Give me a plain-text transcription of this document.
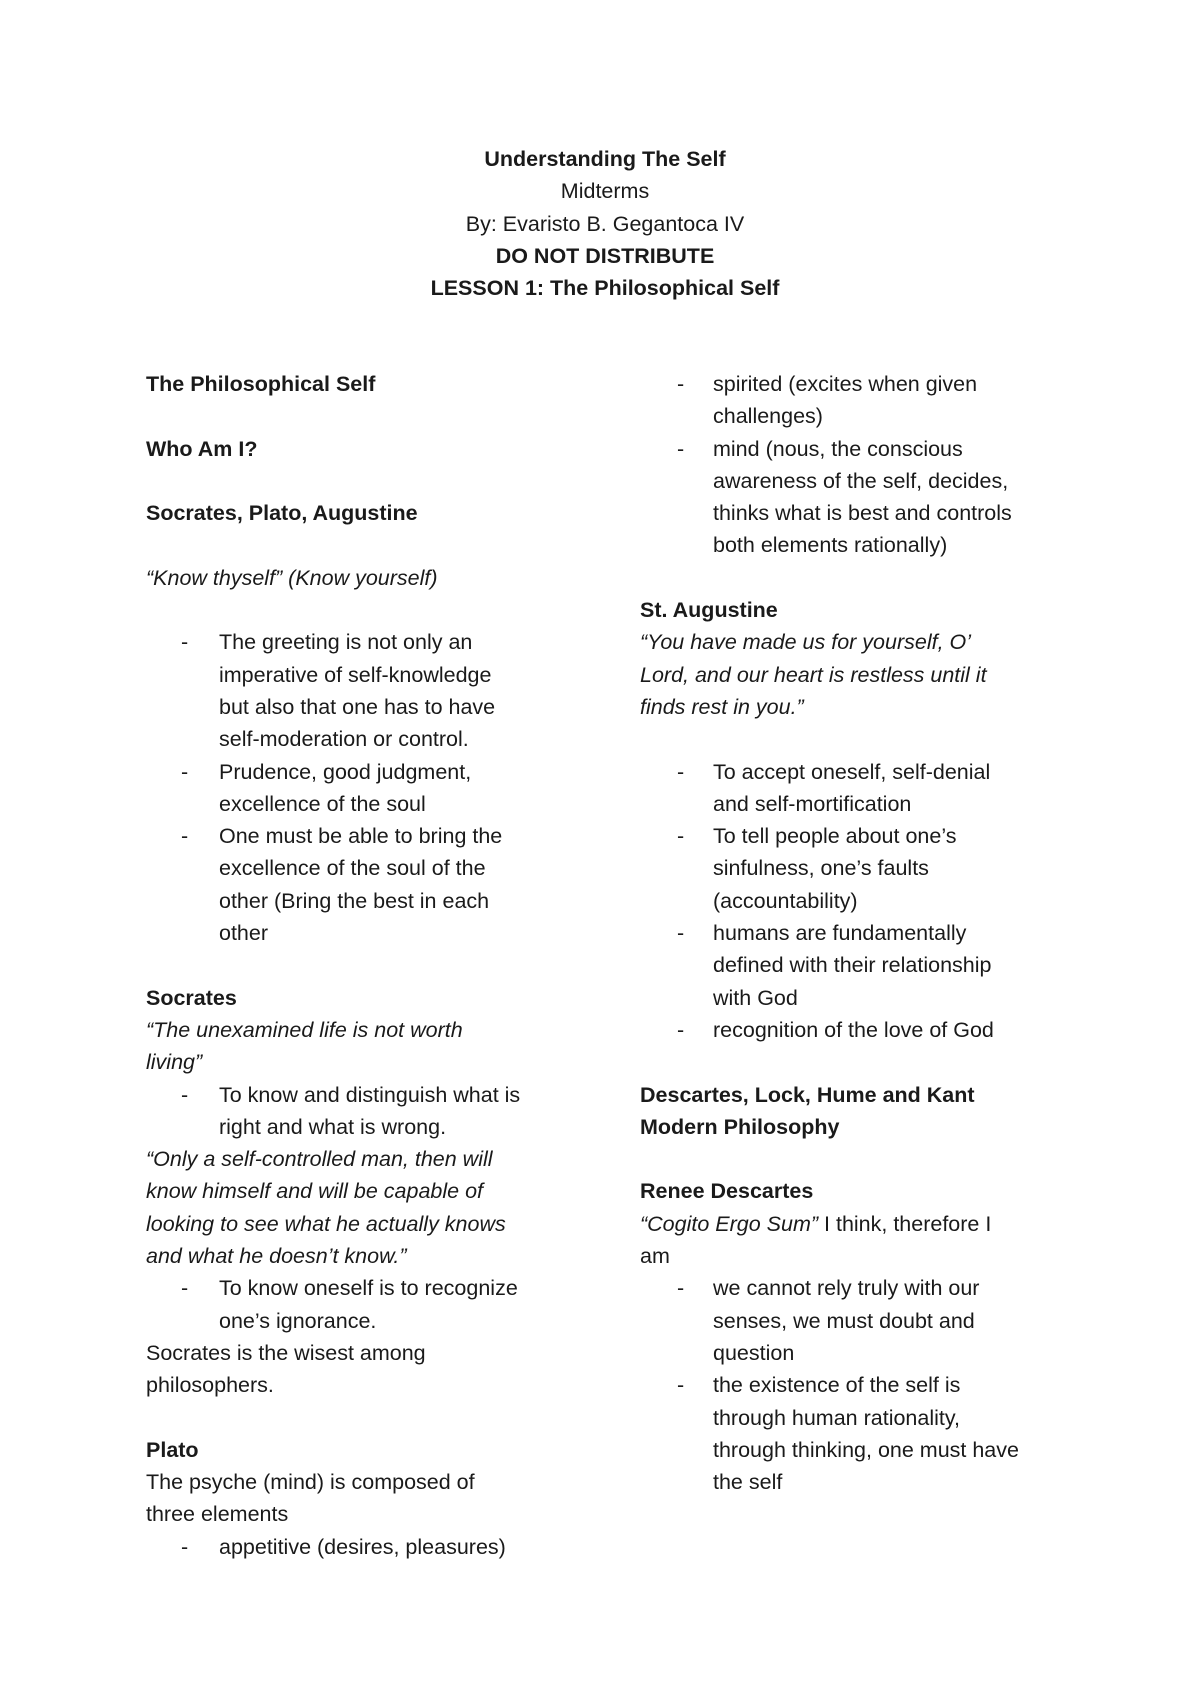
Understanding The Self
Midterms
By: Evaristo B. Gegantoca IV
DO NOT DISTRIBUTE
LESSON 1: The Philosophical Self
The Philosophical Self
Who Am I?
Socrates, Plato, Augustine
“Know thyself” (Know yourself)
- The greeting is not only an
imperative of self-knowledge
but also that one has to have
self-moderation or control.
- Prudence, good judgment,
excellence of the soul
- One must be able to bring the
excellence of the soul of the
other (Bring the best in each
other
Socrates
“The unexamined life is not worth
living”
- To know and distinguish what is
right and what is wrong.
“Only a self-controlled man, then will
know himself and will be capable of
looking to see what he actually knows
and what he doesn’t know.”
- To know oneself is to recognize
one’s ignorance.
Socrates is the wisest among
philosophers.
Plato
The psyche (mind) is composed of
three elements
- appetitive (desires, pleasures)
- spirited (excites when given
challenges)
- mind (nous, the conscious
awareness of the self, decides,
thinks what is best and controls
both elements rationally)
St. Augustine
“You have made us for yourself, O’
Lord, and our heart is restless until it
finds rest in you.”
- To accept oneself, self-denial
and self-mortification
- To tell people about one’s
sinfulness, one’s faults
(accountability)
- humans are fundamentally
defined with their relationship
with God
- recognition of the love of God
Descartes, Lock, Hume and Kant
Modern Philosophy
Renee Descartes
“Cogito Ergo Sum” I think, therefore I
am
- we cannot rely truly with our
senses, we must doubt and
question
- the existence of the self is
through human rationality,
through thinking, one must have
the self
